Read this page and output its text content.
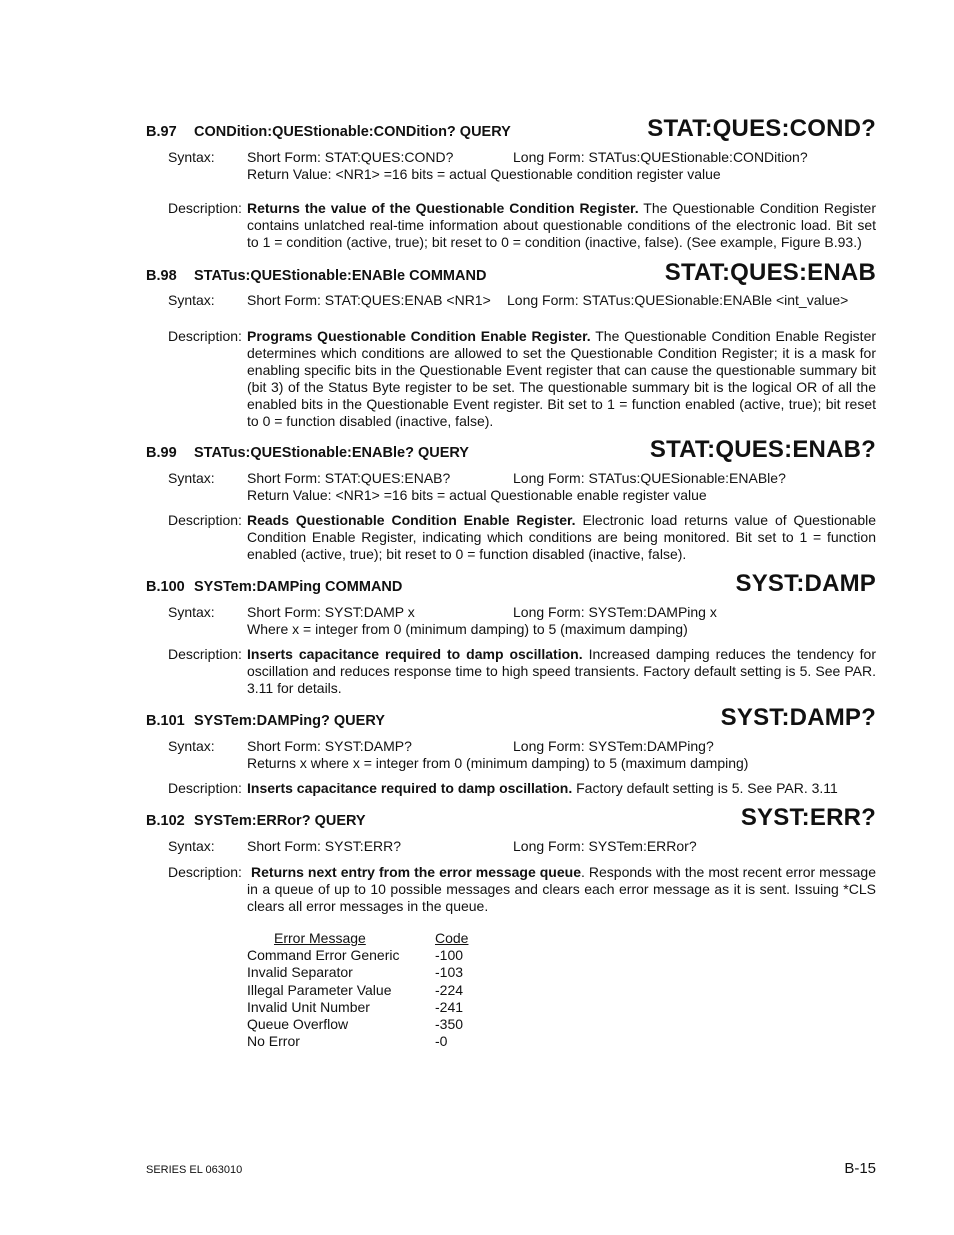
B.97 CONDition:QUEStionable:CONDition? QUERY	STAT:QUES:COND?
Syntax: Short Form: STAT:QUES:COND?	Long Form: STATus:QUEStionable:CONDition?
Return Value: <NR1> =16 bits = actual Questionable condition register value
Description: Returns the value of the Questionable Condition Register. The Questionable Condition Register contains unlatched real-time information about questionable conditions of the electronic load. Bit set to 1 = condition (active, true); bit reset to 0 = condition (inactive, false). (See example, Figure B.93.)
B.98 STATus:QUEStionable:ENABle COMMAND	STAT:QUES:ENAB
Syntax: Short Form: STAT:QUES:ENAB <NR1> Long Form: STATus:QUESionable:ENABle <int_value>
Description: Programs Questionable Condition Enable Register. The Questionable Condition Enable Register determines which conditions are allowed to set the Questionable Condition Register; it is a mask for enabling specific bits in the Questionable Event register that can cause the questionable summary bit (bit 3) of the Status Byte register to be set. The questionable summary bit is the logical OR of all the enabled bits in the Questionable Event register. Bit set to 1 = function enabled (active, true); bit reset to 0 = function disabled (inactive, false).
B.99 STATus:QUEStionable:ENABle? QUERY	STAT:QUES:ENAB?
Syntax: Short Form: STAT:QUES:ENAB?	Long Form: STATus:QUESionable:ENABle?
Return Value: <NR1> =16 bits = actual Questionable enable register value
Description: Reads Questionable Condition Enable Register. Electronic load returns value of Questionable Condition Enable Register, indicating which conditions are being monitored. Bit set to 1 = function enabled (active, true); bit reset to 0 = function disabled (inactive, false).
B.100 SYSTem:DAMPing COMMAND	SYST:DAMP
Syntax: Short Form: SYST:DAMP x	Long Form: SYSTem:DAMPing x
Where x = integer from 0 (minimum damping) to 5 (maximum damping)
Description: Inserts capacitance required to damp oscillation. Increased damping reduces the tendency for oscillation and reduces response time to high speed transients. Factory default setting is 5. See PAR. 3.11 for details.
B.101 SYSTem:DAMPing? QUERY	SYST:DAMP?
Syntax: Short Form: SYST:DAMP?	Long Form: SYSTem:DAMPing?
Returns x where x = integer from 0 (minimum damping) to 5 (maximum damping)
Description: Inserts capacitance required to damp oscillation. Factory default setting is 5. See PAR. 3.11
B.102 SYSTem:ERRor? QUERY	SYST:ERR?
Syntax: Short Form: SYST:ERR?	Long Form: SYSTem:ERRor?
Description: Returns next entry from the error message queue. Responds with the most recent error message in a queue of up to 10 possible messages and clears each error message as it is sent. Issuing *CLS clears all error messages in the queue.
Error Message	Code
Command Error Generic	-100
Invalid Separator	-103
Illegal Parameter Value	-224
Invalid Unit Number	-241
Queue Overflow	-350
No Error	-0
SERIES EL 063010	B-15
